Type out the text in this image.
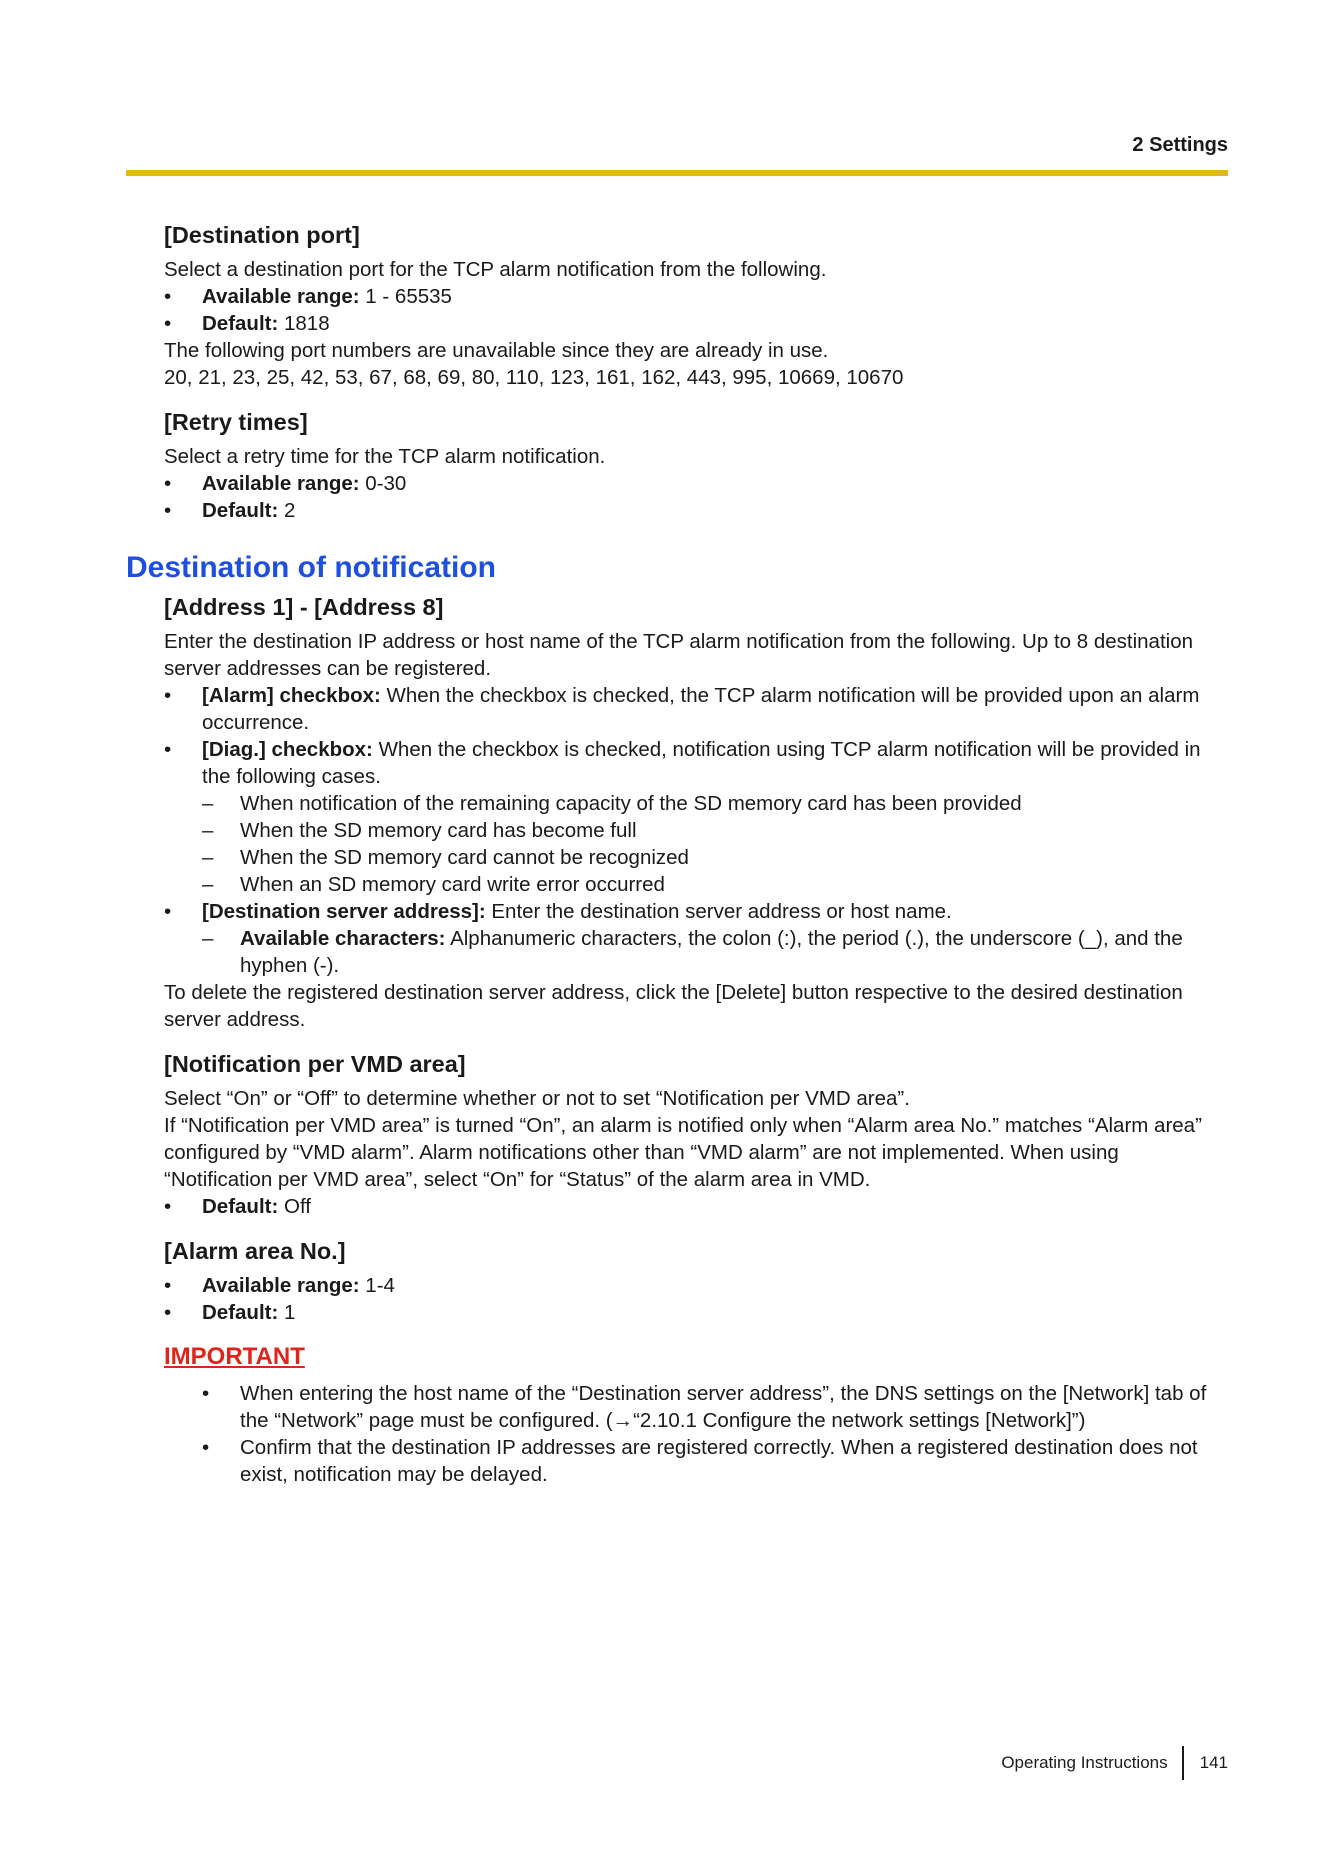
2 Settings
[Destination port]

Select a destination port for the TCP alarm notification from the following.

• Available range: 1 - 65535
• Default: 1818

The following port numbers are unavailable since they are already in use.

20, 21, 23, 25, 42, 53, 67, 68, 69, 80, 110, 123, 161, 162, 443, 995, 10669, 10670

[Retry times]

Select a retry time for the TCP alarm notification.

• Available range: 0-30
• Default: 2
Destination of notification
[Address 1] - [Address 8]

Enter the destination IP address or host name of the TCP alarm notification from the following. Up to 8 destination server addresses can be registered.

• [Alarm] checkbox: When the checkbox is checked, the TCP alarm notification will be provided upon an alarm occurrence.
• [Diag.] checkbox: When the checkbox is checked, notification using TCP alarm notification will be provided in the following cases.
– When notification of the remaining capacity of the SD memory card has been provided
– When the SD memory card has become full
– When the SD memory card cannot be recognized
– When an SD memory card write error occurred
• [Destination server address]: Enter the destination server address or host name.
– Available characters: Alphanumeric characters, the colon (:), the period (.), the underscore (_), and the hyphen (-).

To delete the registered destination server address, click the [Delete] button respective to the desired destination server address.

[Notification per VMD area]

Select “On” or “Off” to determine whether or not to set “Notification per VMD area”.

If “Notification per VMD area” is turned “On”, an alarm is notified only when “Alarm area No.” matches “Alarm area” configured by “VMD alarm”. Alarm notifications other than “VMD alarm” are not implemented. When using “Notification per VMD area”, select “On” for “Status” of the alarm area in VMD.

• Default: Off
[Alarm area No.]
• Available range: 1-4
• Default: 1
IMPORTANT
• When entering the host name of the “Destination server address”, the DNS settings on the [Network] tab of the “Network” page must be configured. (→“2.10.1 Configure the network settings [Network]”)
• Confirm that the destination IP addresses are registered correctly. When a registered destination does not exist, notification may be delayed.
Operating Instructions 141
